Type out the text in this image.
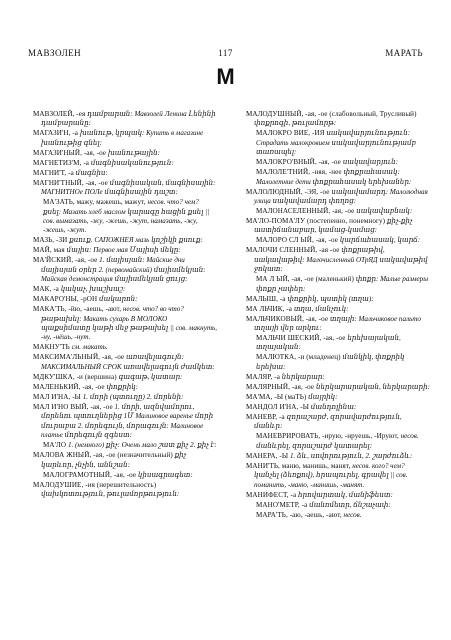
МАВЗОЛЕН	117	МАРАТЬ
М

МАВЗОЛЕЙ, -ея դամբարան: Мавзолей Ленина Լենինի դամբարանը:

МАГАЗИ'Н, -а խանութ, կրպակ: Купить в магазине խանութից գնել:

МАГАЗИ'НЫЙ, -ая, -ое խանութային:

МАГНЕТИЗ'М, -а մագնիսականություն:

МАГНИ'Т, -а մագնիս:

МАГНИ'ТНЫЙ, -ая, -ое մագնիսական, մագնիսային: МАГНИТНОе ПОЛе մագնիսային դաշտ:

МА'ЗАТЬ, мажу, мажешь, мажут, несов. что? чем? քսել: Мазать хлеб маслом կարագը հացին քսել || сов. вымазать, -жу, -жешь, -жут, намазать, -жу, -жешь, -жут.

МАЗЬ, -ЗИ քսուք. САПОЖНЕЯ мазь կոշիկի քսուք:

МАЙ, мая մայիս: Первое мая Մայիսի մեկը:

МА'ЙСКИЙ, -ая, -ое 1. մայիսյան: Майские дни մայիսյան օրեր 2. (первомайский) մայիսմեկյան: Майская демонстрация մայիսմեկյան ցույց:

МАК, -а կակաչ, խաշխաշ:

МАКАРО'НЫ, -рОН մակարոն:

МАКА'ТЬ, -йю, -аешь, -ают, несов. что? во что? թաթախել: Макать сухарь В МОЛОКО պաքսիմատը կաթի մեջ թաթախել || сов. макнуть, -ну, -нёшь, -нут.

МАКНУ'ТЬ см. макать.

МАКСИМА'ЛЬНЫЙ, -ая, -ое առավելագույն: МАКСИМАЛЬНЫЙ СРОК առավելագույն ժամկետ:

МДКУ'ШКА, -и (вершина) գագաթ, կատար:

МАЛЕНЬКИЙ, -ая, -ое փոքրիկ:

МАЛ И'НА, -Ы 1. մորի (պտուղը) 2. մորենի:

МАЛ И'НО ВЫЙ, -ая, -ое 1. մորի, ազնվամորու, մորենու պտուղներից 1Մ Малиновое варенье մորի մուրաբա 2. մորեգույն, մորագույն: Малиновое платье մորեգույն զգեստ:

МА'ЛО 1. (немного) քիչ: Очень мало շատ քիչ 2. քիչ է:

МАЛОВА ЖНЫЙ, -ая, -ое (незначительный) քիչ կարևոր, չնչին, աննշան:

МАЛОГРАМОТНЫЙ, -ая, -ое կիսագրագետ:

МАЛОДУШИЕ, -ия (нерешительность) վախկոտություն, թուլամորթություն:

МАЛОДУШНЫЙ, -ая, -ое (слабовольный, Трусливый) փոքրոգի, թուլամորթ:

МАЛОКРО ВИЕ, -ИЯ սակավարյունություն: Страдать малокровием սակավարյունությամբ տառապել:

МАЛОКРО'ВНЫЙ, -ая, -ое սակավարյուն:

МАЛОЛЕ'ТНИЙ, -няя, -нее փոքրահասակ: Малолетние дети փոքրահասակ երեխաներ:

МАЛОЛЮДНЫЙ, -ЭЯ, -ое սակավամարդ: Малолюдная улица սակավամարդ փողոց:

МАЛОНАСЕЛЕННЫЙ, -ая, -ое սակավաբնակ:

МА'ЛО-ПОМА'ЛУ (постепенно, понемногу) քիչ-քիչ աստիճանաբար, կամաց-կամաց:

МАЛОРО СЛ ЫЙ, -ая, -ое կարճահասակ, կարճ:

МАЛОЧИ СЛЕННЫЙ, -ая -ое փոքրաթիվ, սակավաթիվ: Малочисленный ОТрЯД սակավաթիվ ջոկատ:

МА Л ЫЙ, -ая, -ое (маленький) փոքր: Малые размеры փոքր չափեր:

МАЛЫШ, -а փոքրիկ, պստիկ (տղա):

МА ЛЬЧИК, -а տղա, մանչուկ:

МАЛЬЧИКОВЫЙ, -ая, -ое տղայի: Мальчиковое пальто տղայի վեր արկու:

МАЛЬЧИ ШЕСКИЙ, -ая, -ое երեխայական, տղայական:

МАЛЮТКА, -и (младенец) մանկիկ, փոքրիկ երեխա:

МАЛЯР, -а ներկարար:

МАЛЯРНЫЙ, -ая, -ое ներկարարական, ներկարարի:

МА'МА, -Ы (маТЬ) մայրիկ:

МАНДОЛ И'НА, -Ы մանդոլինա:

МАНЕВР, -а զորաշարժ, զորավարժություն, մանևր:

МАНЕВРИРОВАТЬ, -ирую, -ируешь, -Ируют, несов. մանևրել, զորաշարժ կատարել:

МАНЕРА, -Ы 1. ձև, սովորություն, 2. շարժուձև:

МАНИ'ТЬ, маню, манишь, манят, несов. кого? чем? կանչել (ձեռքով), հրապուրել, գրավել || сов. поманить, -маню, -манишь, -манят.

МАНИФЕСТ, -а հրովարտակ, մանիֆեստ:

МАНО'МЕТР, -а մանոմետր, ճնշաչափ:

МАРА'ТЬ, -аю, -аешь, -ают, несов.
